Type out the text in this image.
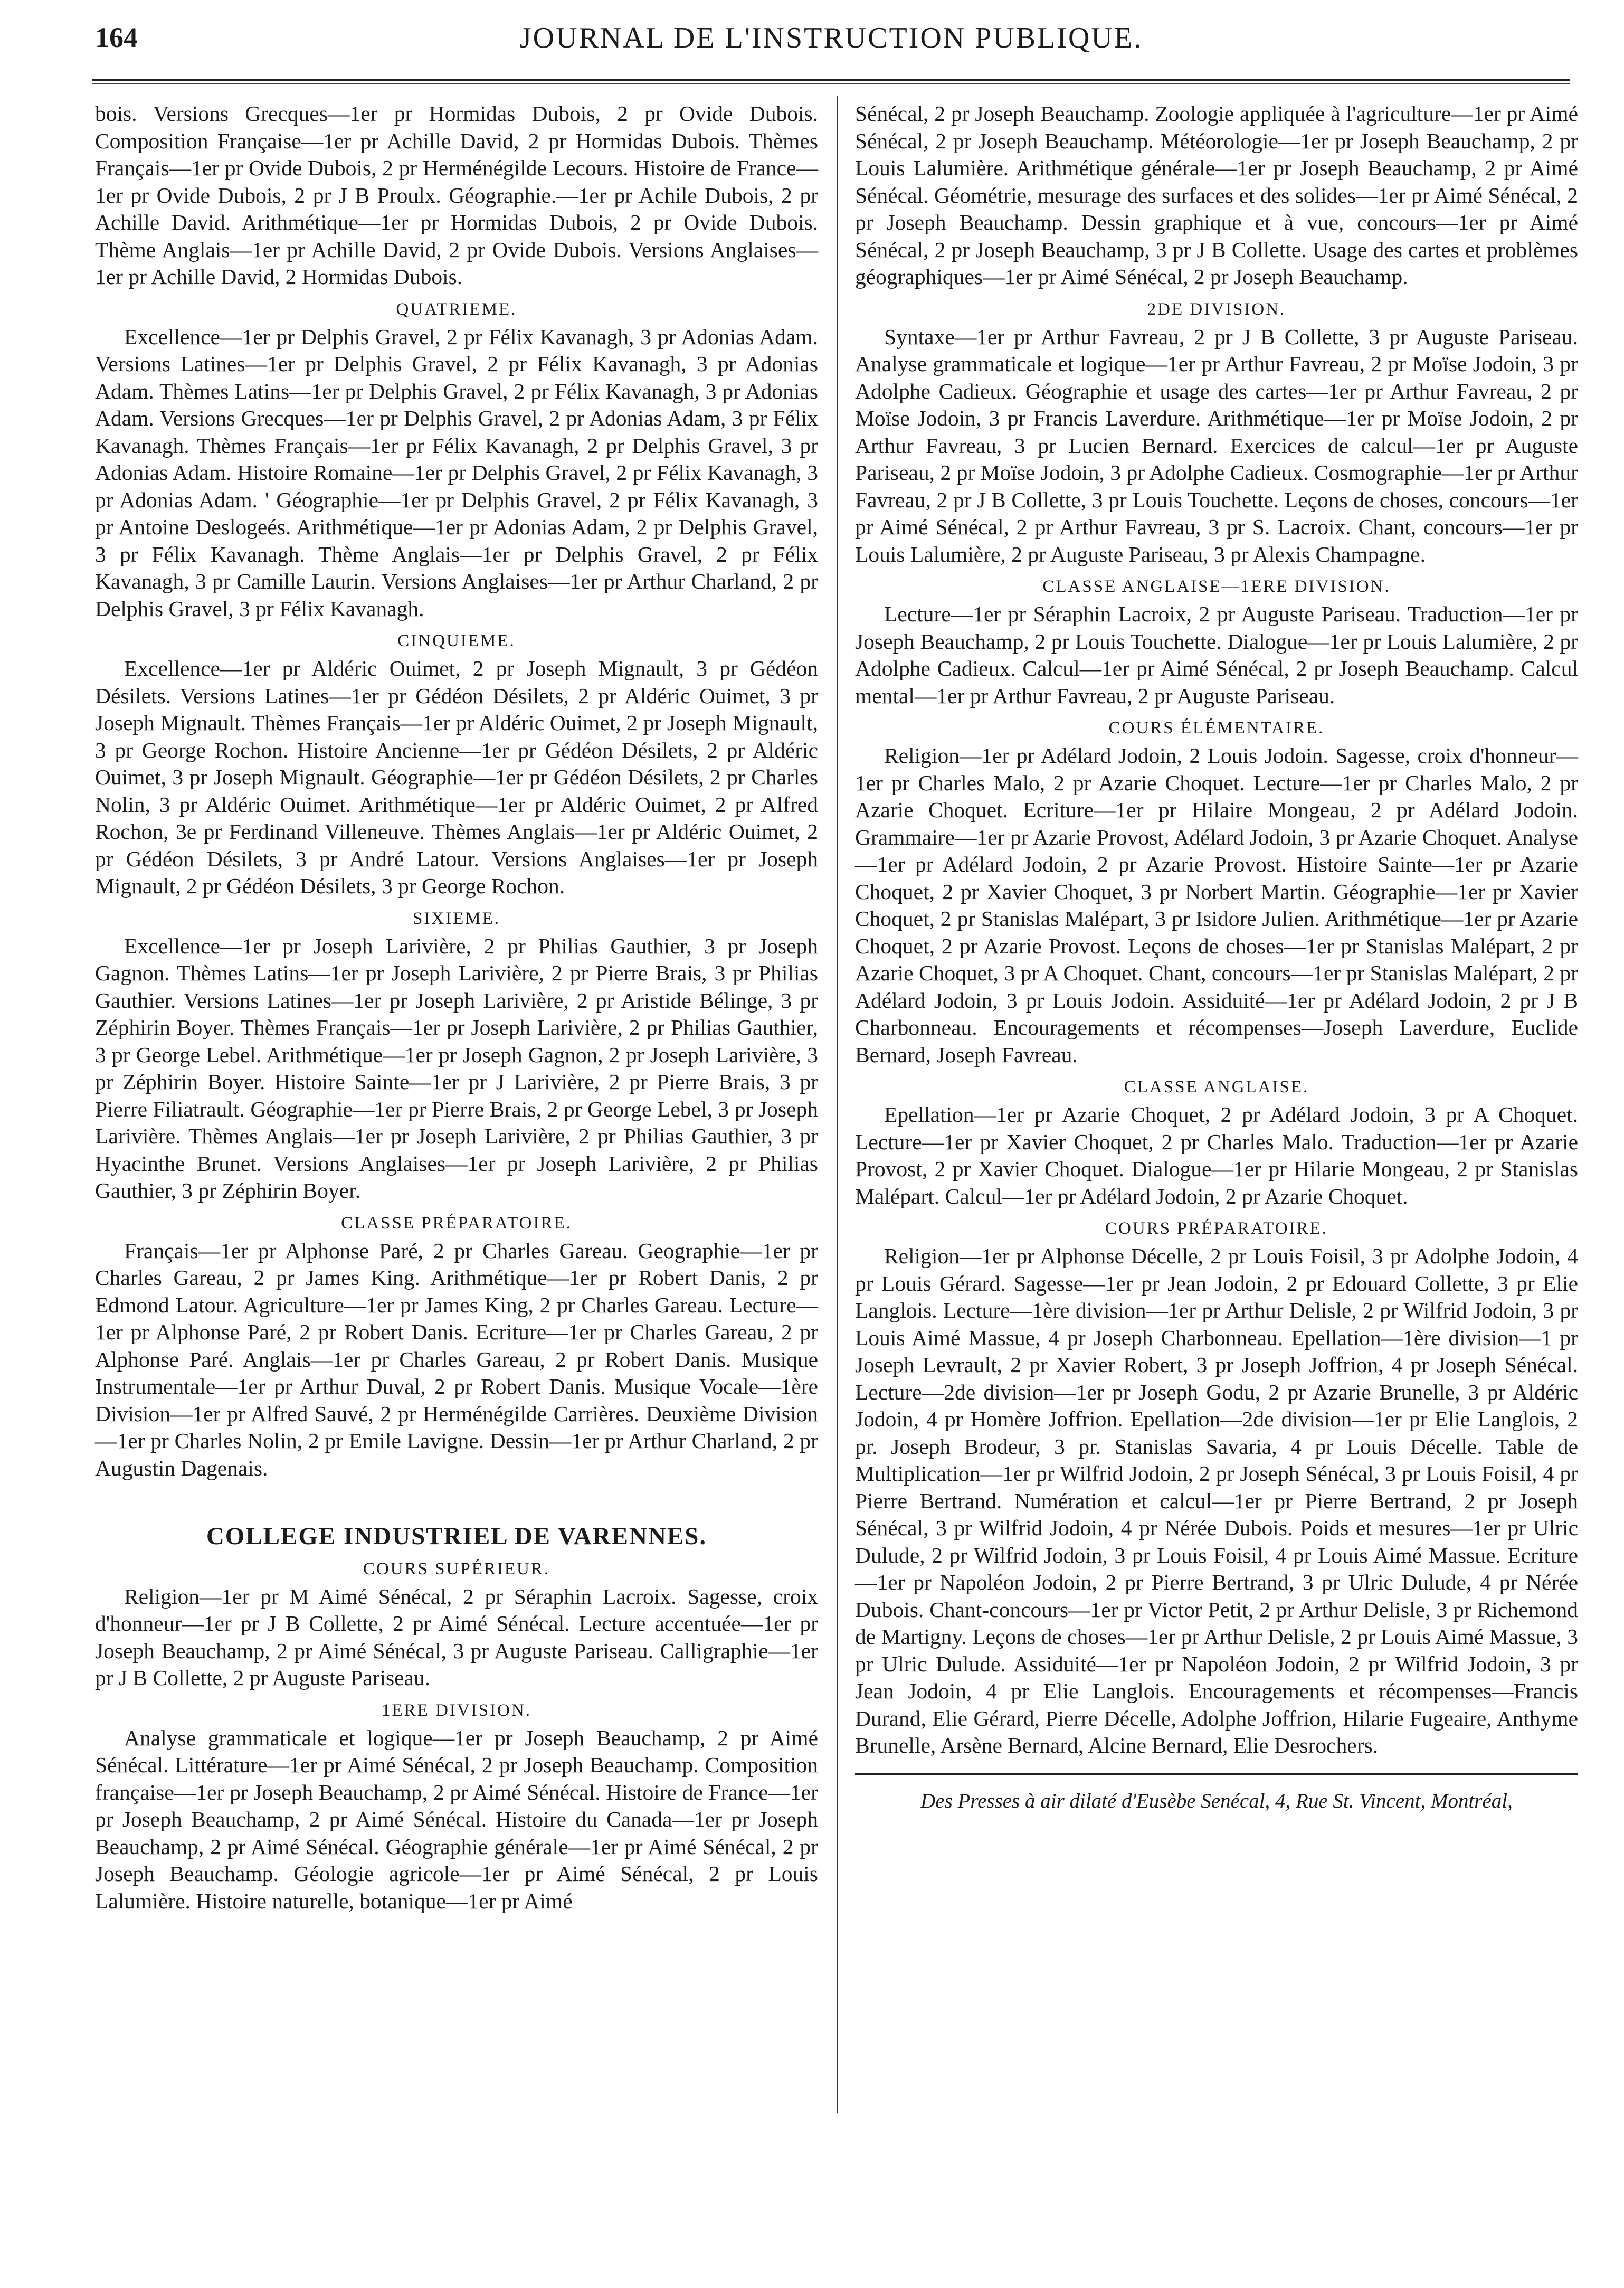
164	JOURNAL DE L'INSTRUCTION PUBLIQUE.

bois. Versions Grecques—1er pr Hormidas Dubois, 2 pr Ovide Dubois. Composition Française—1er pr Achille David, 2 pr Hormidas Dubois. Thèmes Français—1er pr Ovide Dubois, 2 pr Herménégilde Lecours. Histoire de France—1er pr Ovide Dubois, 2 pr J B Proulx. Géographie.—1er pr Achile Dubois, 2 pr Achille David. Arithmétique—1er pr Hormidas Dubois, 2 pr Ovide Dubois. Thème Anglais—1er pr Achille David, 2 pr Ovide Dubois. Versions Anglaises—1er pr Achille David, 2 Hormidas Dubois.

QUATRIEME.

Excellence—1er pr Delphis Gravel, 2 pr Félix Kavanagh, 3 pr Adonias Adam. Versions Latines—1er pr Delphis Gravel, 2 pr Félix Kavanagh, 3 pr Adonias Adam. Thèmes Latins—1er pr Delphis Gravel, 2 pr Félix Kavanagh, 3 pr Adonias Adam. Versions Grecques—1er pr Delphis Gravel, 2 pr Adonias Adam, 3 pr Félix Kavanagh. Thèmes Français—1er pr Félix Kavanagh, 2 pr Delphis Gravel, 3 pr Adonias Adam. Histoire Romaine—1er pr Delphis Gravel, 2 pr Félix Kavanagh, 3 pr Adonias Adam. ' Géographie—1er pr Delphis Gravel, 2 pr Félix Kavanagh, 3 pr Antoine Deslogeés. Arithmétique—1er pr Adonias Adam, 2 pr Delphis Gravel, 3 pr Félix Kavanagh. Thème Anglais—1er pr Delphis Gravel, 2 pr Félix Kavanagh, 3 pr Camille Laurin. Versions Anglaises—1er pr Arthur Charland, 2 pr Delphis Gravel, 3 pr Félix Kavanagh.

CINQUIEME.

Excellence—1er pr Aldéric Ouimet, 2 pr Joseph Mignault, 3 pr Gédéon Désilets. Versions Latines—1er pr Gédéon Désilets, 2 pr Aldéric Ouimet, 3 pr Joseph Mignault. Thèmes Français—1er pr Aldéric Ouimet, 2 pr Joseph Mignault, 3 pr George Rochon. Histoire Ancienne—1er pr Gédéon Désilets, 2 pr Aldéric Ouimet, 3 pr Joseph Mignault. Géographie—1er pr Gédéon Désilets, 2 pr Charles Nolin, 3 pr Aldéric Ouimet. Arithmétique—1er pr Aldéric Ouimet, 2 pr Alfred Rochon, 3e pr Ferdinand Villeneuve. Thèmes Anglais—1er pr Aldéric Ouimet, 2 pr Gédéon Désilets, 3 pr André Latour. Versions Anglaises—1er pr Joseph Mignault, 2 pr Gédéon Désilets, 3 pr George Rochon.

SIXIEME.

Excellence—1er pr Joseph Larivière, 2 pr Philias Gauthier, 3 pr Joseph Gagnon. Thèmes Latins—1er pr Joseph Larivière, 2 pr Pierre Brais, 3 pr Philias Gauthier. Versions Latines—1er pr Joseph Larivière, 2 pr Aristide Bélinge, 3 pr Zéphirin Boyer. Thèmes Français—1er pr Joseph Larivière, 2 pr Philias Gauthier, 3 pr George Lebel. Arithmétique—1er pr Joseph Gagnon, 2 pr Joseph Larivière, 3 pr Zéphirin Boyer. Histoire Sainte—1er pr J Larivière, 2 pr Pierre Brais, 3 pr Pierre Filiatrault. Géographie—1er pr Pierre Brais, 2 pr George Lebel, 3 pr Joseph Larivière. Thèmes Anglais—1er pr Joseph Larivière, 2 pr Philias Gauthier, 3 pr Hyacinthe Brunet. Versions Anglaises—1er pr Joseph Larivière, 2 pr Philias Gauthier, 3 pr Zéphirin Boyer.

CLASSE PRÉPARATOIRE.

Français—1er pr Alphonse Paré, 2 pr Charles Gareau. Geographie—1er pr Charles Gareau, 2 pr James King. Arithmétique—1er pr Robert Danis, 2 pr Edmond Latour. Agriculture—1er pr James King, 2 pr Charles Gareau. Lecture—1er pr Alphonse Paré, 2 pr Robert Danis. Ecriture—1er pr Charles Gareau, 2 pr Alphonse Paré. Anglais—1er pr Charles Gareau, 2 pr Robert Danis. Musique Instrumentale—1er pr Arthur Duval, 2 pr Robert Danis. Musique Vocale—1ère Division—1er pr Alfred Sauvé, 2 pr Herménégilde Carrières. Deuxième Division—1er pr Charles Nolin, 2 pr Emile Lavigne. Dessin—1er pr Arthur Charland, 2 pr Augustin Dagenais.

COLLEGE INDUSTRIEL DE VARENNES.
COURS SUPÉRIEUR.

Religion—1er pr M Aimé Sénécal, 2 pr Séraphin Lacroix. Sagesse, croix d'honneur—1er pr J B Collette, 2 pr Aimé Sénécal. Lecture accentuée—1er pr Joseph Beauchamp, 2 pr Aimé Sénécal, 3 pr Auguste Pariseau. Calligraphie—1er pr J B Collette, 2 pr Auguste Pariseau.

1ERE DIVISION.

Analyse grammaticale et logique—1er pr Joseph Beauchamp, 2 pr Aimé Sénécal. Littérature—1er pr Aimé Sénécal, 2 pr Joseph Beauchamp. Composition française—1er pr Joseph Beauchamp, 2 pr Aimé Sénécal. Histoire de France—1er pr Joseph Beauchamp, 2 pr Aimé Sénécal. Histoire du Canada—1er pr Joseph Beauchamp, 2 pr Aimé Sénécal. Géographie générale—1er pr Aimé Sénécal, 2 pr Joseph Beauchamp. Géologie agricole—1er pr Aimé Sénécal, 2 pr Louis Lalumière. Histoire naturelle, botanique—1er pr Aimé

Sénécal, 2 pr Joseph Beauchamp. Zoologie appliquée à l'agriculture—1er pr Aimé Sénécal, 2 pr Joseph Beauchamp. Météorologie—1er pr Joseph Beauchamp, 2 pr Louis Lalumière. Arithmétique générale—1er pr Joseph Beauchamp, 2 pr Aimé Sénécal. Géométrie, mesurage des surfaces et des solides—1er pr Aimé Sénécal, 2 pr Joseph Beauchamp. Dessin graphique et à vue, concours—1er pr Aimé Sénécal, 2 pr Joseph Beauchamp, 3 pr J B Collette. Usage des cartes et problèmes géographiques—1er pr Aimé Sénécal, 2 pr Joseph Beauchamp.

2DE DIVISION.

Syntaxe—1er pr Arthur Favreau, 2 pr J B Collette, 3 pr Auguste Pariseau. Analyse grammaticale et logique—1er pr Arthur Favreau, 2 pr Moïse Jodoin, 3 pr Adolphe Cadieux. Géographie et usage des cartes—1er pr Arthur Favreau, 2 pr Moïse Jodoin, 3 pr Francis Laverdure. Arithmétique—1er pr Moïse Jodoin, 2 pr Arthur Favreau, 3 pr Lucien Bernard. Exercices de calcul—1er pr Auguste Pariseau, 2 pr Moïse Jodoin, 3 pr Adolphe Cadieux. Cosmographie—1er pr Arthur Favreau, 2 pr J B Collette, 3 pr Louis Touchette. Leçons de choses, concours—1er pr Aimé Sénécal, 2 pr Arthur Favreau, 3 pr S. Lacroix. Chant, concours—1er pr Louis Lalumière, 2 pr Auguste Pariseau, 3 pr Alexis Champagne.

CLASSE ANGLAISE—1ERE DIVISION.

Lecture—1er pr Séraphin Lacroix, 2 pr Auguste Pariseau. Traduction—1er pr Joseph Beauchamp, 2 pr Louis Touchette. Dialogue—1er pr Louis Lalumière, 2 pr Adolphe Cadieux. Calcul—1er pr Aimé Sénécal, 2 pr Joseph Beauchamp. Calcul mental—1er pr Arthur Favreau, 2 pr Auguste Pariseau.

COURS ÉLÉMENTAIRE.

Religion—1er pr Adélard Jodoin, 2 Louis Jodoin. Sagesse, croix d'honneur—1er pr Charles Malo, 2 pr Azarie Choquet. Lecture—1er pr Charles Malo, 2 pr Azarie Choquet. Ecriture—1er pr Hilaire Mongeau, 2 pr Adélard Jodoin. Grammaire—1er pr Azarie Provost, Adélard Jodoin, 3 pr Azarie Choquet. Analyse—1er pr Adélard Jodoin, 2 pr Azarie Provost. Histoire Sainte—1er pr Azarie Choquet, 2 pr Xavier Choquet, 3 pr Norbert Martin. Géographie—1er pr Xavier Choquet, 2 pr Stanislas Malépart, 3 pr Isidore Julien. Arithmétique—1er pr Azarie Choquet, 2 pr Azarie Provost. Leçons de choses—1er pr Stanislas Malépart, 2 pr Azarie Choquet, 3 pr A Choquet. Chant, concours—1er pr Stanislas Malépart, 2 pr Adélard Jodoin, 3 pr Louis Jodoin. Assiduité—1er pr Adélard Jodoin, 2 pr J B Charbonneau. Encouragements et récompenses—Joseph Laverdure, Euclide Bernard, Joseph Favreau.

CLASSE ANGLAISE.

Epellation—1er pr Azarie Choquet, 2 pr Adélard Jodoin, 3 pr A Choquet. Lecture—1er pr Xavier Choquet, 2 pr Charles Malo. Traduction—1er pr Azarie Provost, 2 pr Xavier Choquet. Dialogue—1er pr Hilarie Mongeau, 2 pr Stanislas Malépart. Calcul—1er pr Adélard Jodoin, 2 pr Azarie Choquet.

COURS PRÉPARATOIRE.

Religion—1er pr Alphonse Décelle, 2 pr Louis Foisil, 3 pr Adolphe Jodoin, 4 pr Louis Gérard. Sagesse—1er pr Jean Jodoin, 2 pr Edouard Collette, 3 pr Elie Langlois. Lecture—1ère division—1er pr Arthur Delisle, 2 pr Wilfrid Jodoin, 3 pr Louis Aimé Massue, 4 pr Joseph Charbonneau. Epellation—1ère division—1 pr Joseph Levrault, 2 pr Xavier Robert, 3 pr Joseph Joffrion, 4 pr Joseph Sénécal. Lecture—2de division—1er pr Joseph Godu, 2 pr Azarie Brunelle, 3 pr Aldéric Jodoin, 4 pr Homère Joffrion. Epellation—2de division—1er pr Elie Langlois, 2 pr. Joseph Brodeur, 3 pr. Stanislas Savaria, 4 pr Louis Décelle. Table de Multiplication—1er pr Wilfrid Jodoin, 2 pr Joseph Sénécal, 3 pr Louis Foisil, 4 pr Pierre Bertrand. Numération et calcul—1er pr Pierre Bertrand, 2 pr Joseph Sénécal, 3 pr Wilfrid Jodoin, 4 pr Nérée Dubois. Poids et mesures—1er pr Ulric Dulude, 2 pr Wilfrid Jodoin, 3 pr Louis Foisil, 4 pr Louis Aimé Massue. Ecriture—1er pr Napoléon Jodoin, 2 pr Pierre Bertrand, 3 pr Ulric Dulude, 4 pr Nérée Dubois. Chant-concours—1er pr Victor Petit, 2 pr Arthur Delisle, 3 pr Richemond de Martigny. Leçons de choses—1er pr Arthur Delisle, 2 pr Louis Aimé Massue, 3 pr Ulric Dulude. Assiduité—1er pr Napoléon Jodoin, 2 pr Wilfrid Jodoin, 3 pr Jean Jodoin, 4 pr Elie Langlois. Encouragements et récompenses—Francis Durand, Elie Gérard, Pierre Décelle, Adolphe Joffrion, Hilarie Fugeaire, Anthyme Brunelle, Arsène Bernard, Alcine Bernard, Elie Desrochers.

Des Presses à air dilaté d'Eusèbe Senécal, 4, Rue St. Vincent, Montréal,
